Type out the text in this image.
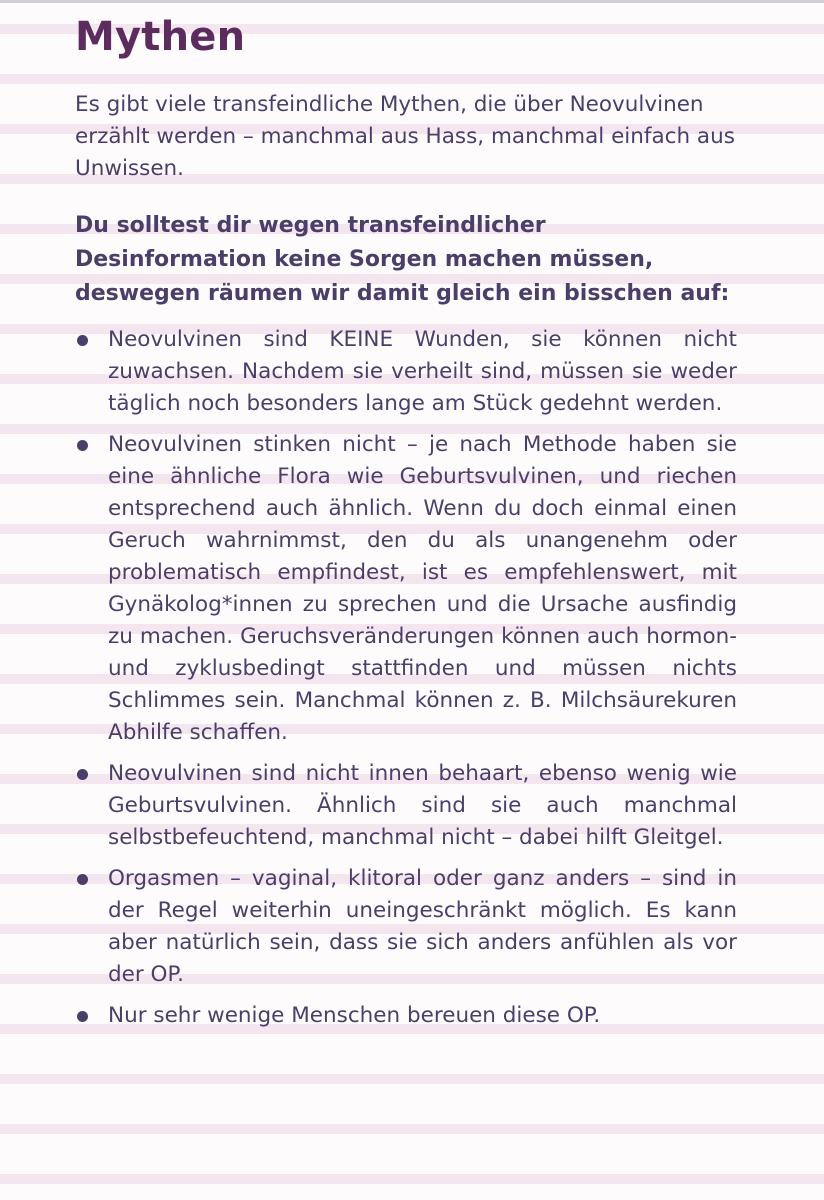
Mythen

Es gibt viele transfeindliche Mythen, die über Neovulvinen erzählt werden – manchmal aus Hass, manchmal einfach aus Unwissen.

Du solltest dir wegen transfeindlicher Desinformation keine Sorgen machen müssen, deswegen räumen wir damit gleich ein bisschen auf:

Neovulvinen sind KEINE Wunden, sie können nicht zuwachsen. Nachdem sie verheilt sind, müssen sie weder täglich noch besonders lange am Stück gedehnt werden.
Neovulvinen stinken nicht – je nach Methode haben sie eine ähnliche Flora wie Geburtsvulvinen, und riechen entsprechend auch ähnlich. Wenn du doch einmal einen Geruch wahrnimmst, den du als unangenehm oder problematisch empfindest, ist es empfehlenswert, mit Gynäkolog*innen zu sprechen und die Ursache ausfindig zu machen. Geruchsveränderungen können auch hormon- und zyklusbedingt stattfinden und müssen nichts Schlimmes sein. Manchmal können z. B. Milchsäurekuren Abhilfe schaffen.
Neovulvinen sind nicht innen behaart, ebenso wenig wie Geburtsvulvinen. Ähnlich sind sie auch manchmal selbstbefeuchtend, manchmal nicht – dabei hilft Gleitgel.
Orgasmen – vaginal, klitoral oder ganz anders – sind in der Regel weiterhin uneingeschränkt möglich. Es kann aber natürlich sein, dass sie sich anders anfühlen als vor der OP.
Nur sehr wenige Menschen bereuen diese OP.
